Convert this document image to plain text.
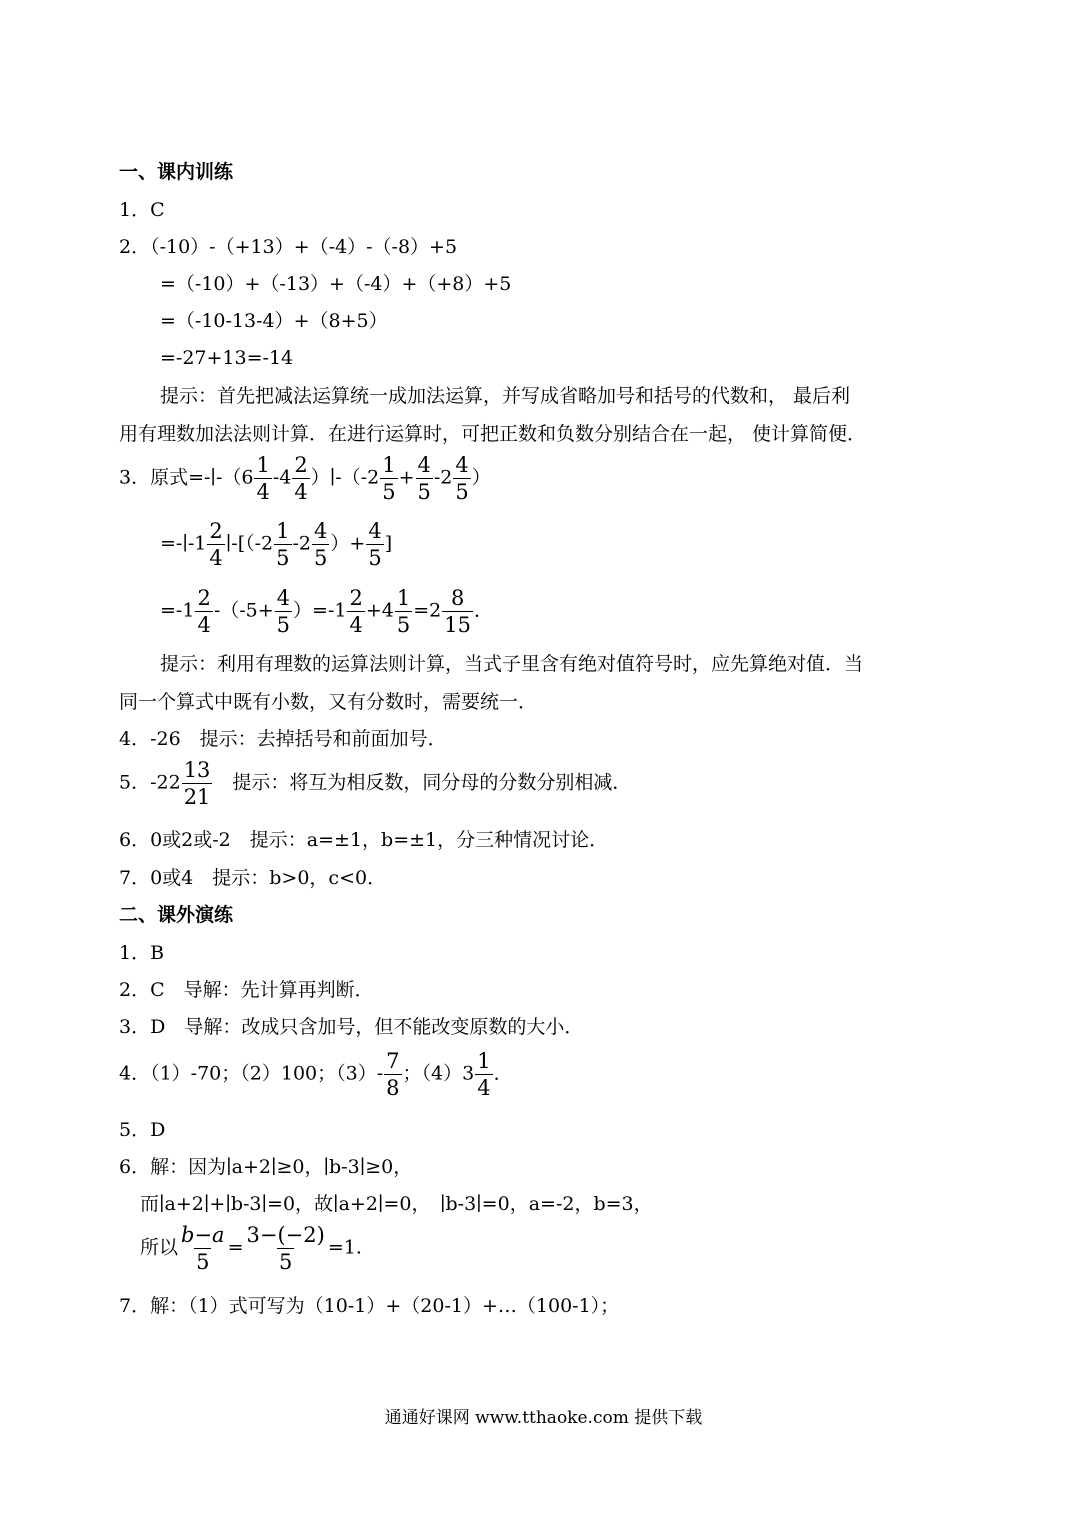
一、课内训练
1．C
2．（-10）-（+13）+（-4）-（-8）+5
=（-10）+（-13）+（-4）+（+8）+5
=（-10-13-4）+（8+5）
=-27+13=-14
提示：首先把减法运算统一成加法运算，并写成省略加号和括号的代数和， 最后利
用有理数加法法则计算．在进行运算时，可把正数和负数分别结合在一起， 使计算简便．
3．原式=-∣-（6 $\frac{1}{4} -4 \frac{2}{4}$ ）∣-（-2 $\frac{1}{5} + \frac{4}{5} -2 \frac{4}{5}$ ）
=-∣-1 $\frac{2}{4}$ ∣-[（-2 $\frac{1}{5} -2 \frac{4}{5}$ ）+ $\frac{4}{5}$ ]
$=-1 \frac{2}{4} -(-5+ \frac{4}{5} )=-1 \frac{2}{4} +4 \frac{1}{5} =2 \frac{8}{15}$ ．
提示：利用有理数的运算法则计算，当式子里含有绝对值符号时，应先算绝对值．当
同一个算式中既有小数，又有分数时，需要统一．
4．-26　提示：去掉括号和前面加号．
5．$-22 \frac{13}{21}$ 　提示：将互为相反数，同分母的分数分别相减．
6．0或2或-2　提示：a=±1，b=±1，分三种情况讨论．
7．0或4　提示：b>0，c<0．
二、课外演练
1．B
2．C　导解：先计算再判断．
3．D　导解：改成只含加号，但不能改变原数的大小．
4．（1）-70；（2）100；$(3)- \frac{7}{8}$ ；$(4)3 \frac{1}{4}$ ．
5．D
6．解：因为∣a+2∣≥0，∣b-3∣≥0，
而∣a+2∣+∣b-3∣=0，故∣a+2∣=0，　∣b-3∣=0，a=-2，b=3，
所以 $\frac{b-a}{5} = \frac{3-(-2)}{5} =1$.
7．解：（1）式可写为（10-1）+（20-1）+…（100-1）；
通通好课网 www.tthaoke.com 提供下载
